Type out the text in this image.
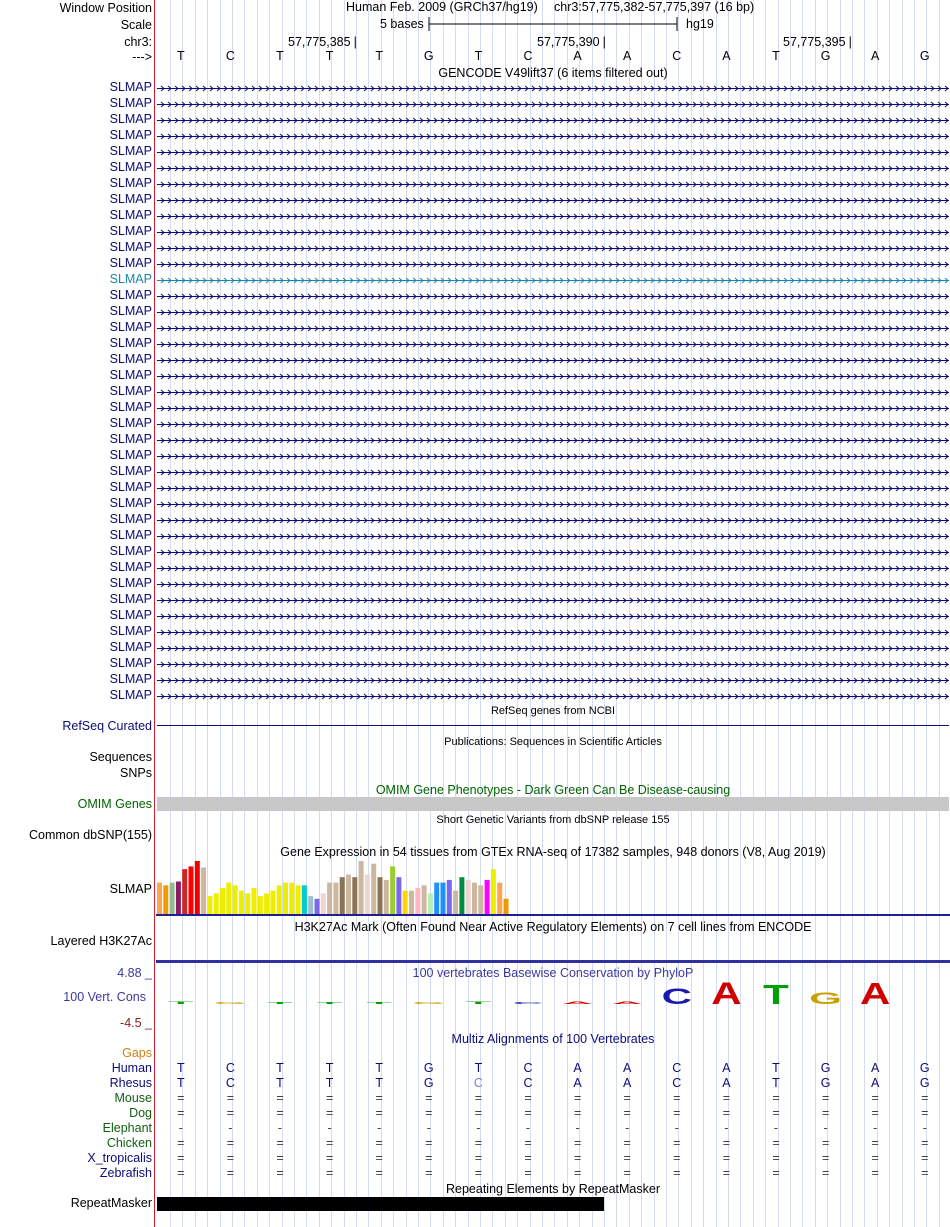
Window Position	Human Feb. 2009 (GRCh37/hg19) chr3:57,775,382-57,775,397 (16 bp)
Scale	5 bases	hg19
chr3:	57,775,385 |	57,775,390 |	57,775,395 |
--->	T	C	T	T	T	G	T	C	A	A	C	A	T	G	A	G
GENCODE V49lift37 (6 items filtered out)
SLMAP
SLMAP
SLMAP
SLMAP
SLMAP
SLMAP
SLMAP
SLMAP
SLMAP
SLMAP
SLMAP
SLMAP
SLMAP
SLMAP
SLMAP
SLMAP
SLMAP
SLMAP
SLMAP
SLMAP
SLMAP
SLMAP
SLMAP
SLMAP
SLMAP
SLMAP
SLMAP
SLMAP
SLMAP
SLMAP
SLMAP
SLMAP
SLMAP
SLMAP
SLMAP
SLMAP
SLMAP
SLMAP
SLMAP
RefSeq genes from NCBI
RefSeq Curated
Publications: Sequences in Scientific Articles
Sequences
SNPs
OMIM Gene Phenotypes - Dark Green Can Be Disease-causing
OMIM Genes
Short Genetic Variants from dbSNP release 155
Common dbSNP(155)
Gene Expression in 54 tissues from GTEx RNA-seq of 17382 samples, 948 donors (V8, Aug 2019)
SLMAP
H3K27Ac Mark (Often Found Near Active Regulatory Elements) on 7 cell lines from ENCODE
Layered H3K27Ac
100 vertebrates Basewise Conservation by PhyloP
4.88 _
100 Vert. Cons
-4.5 _
T G T T T G T C A A C A T G A
Multiz Alignments of 100 Vertebrates
Gaps
Human	T	C	T	T	T	G	T	C	A	A	C	A	T	G	A	G
Rhesus	T	C	T	T	T	G	C	C	A	A	C	A	T	G	A	G
Mouse	=	=	=	=	=	=	=	=	=	=	=	=	=	=	=	=
Dog	=	=	=	=	=	=	=	=	=	=	=	=	=	=	=	=
Elephant	-	-	-	-	-	-	-	-	-	-	-	-	-	-	-	-
Chicken	=	=	=	=	=	=	=	=	=	=	=	=	=	=	=	=
X_tropicalis	=	=	=	=	=	=	=	=	=	=	=	=	=	=	=	=
Zebrafish	=	=	=	=	=	=	=	=	=	=	=	=	=	=	=	=
Repeating Elements by RepeatMasker
RepeatMasker
